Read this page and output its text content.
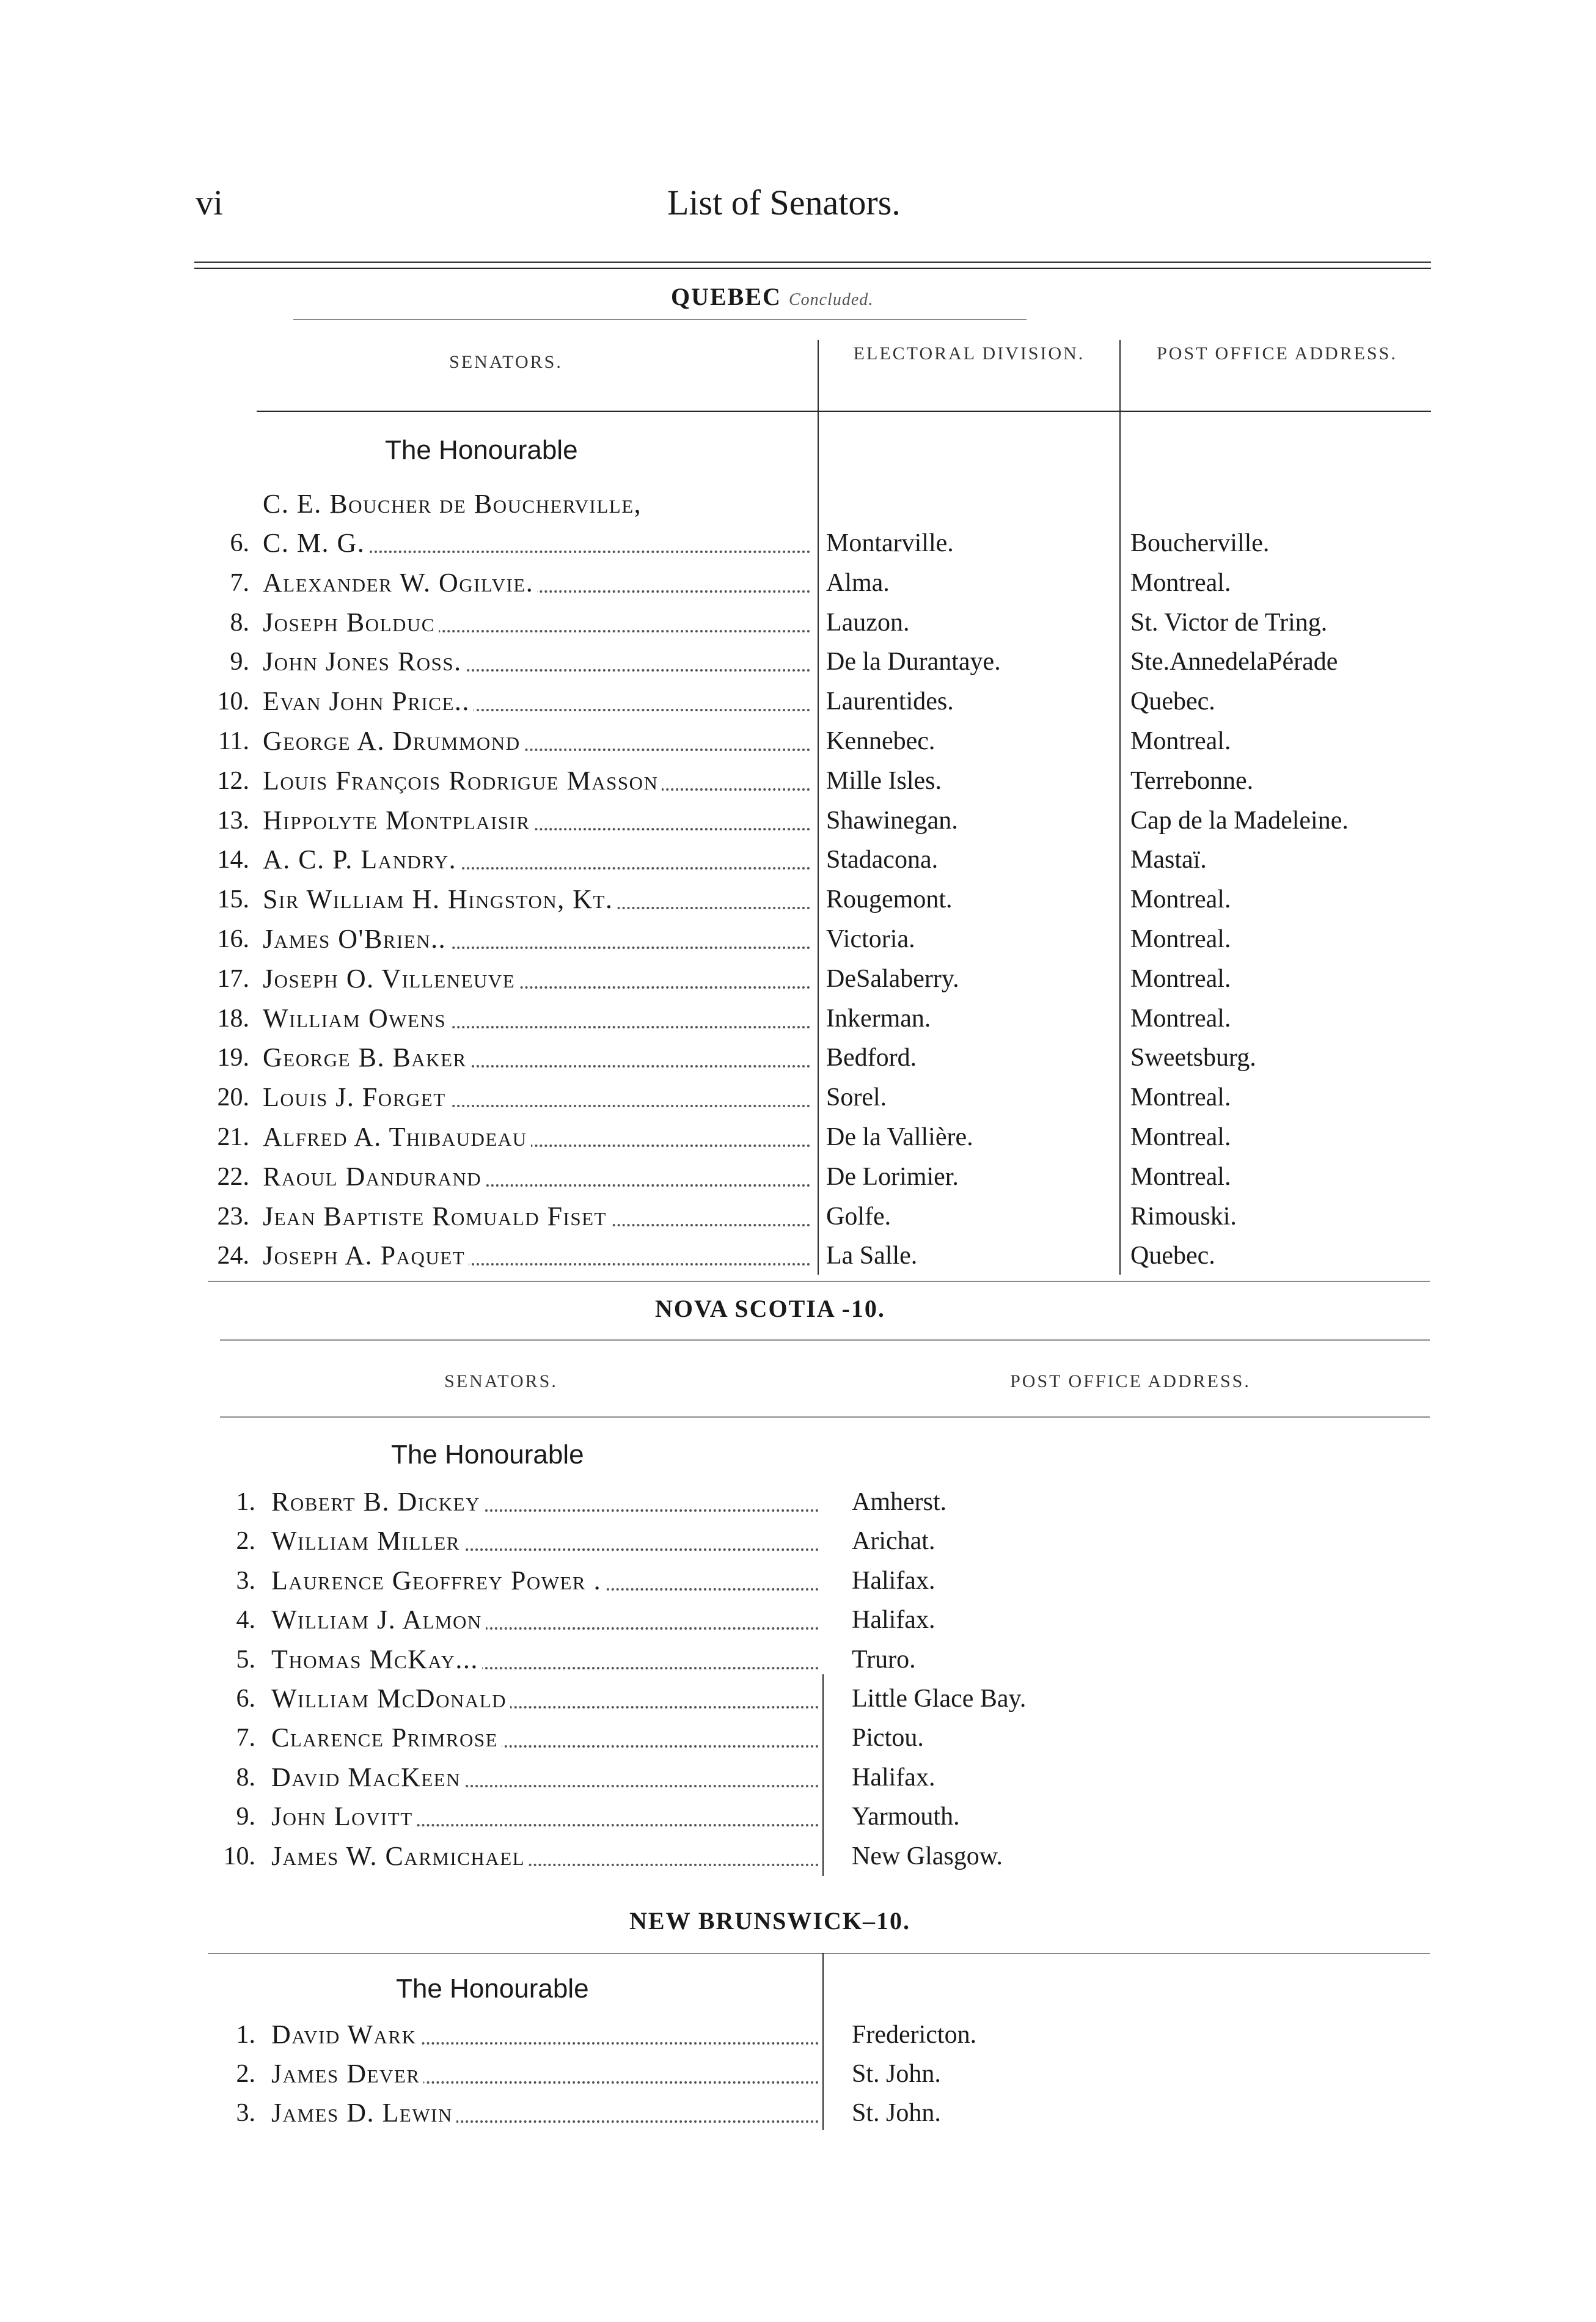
vi	List of Senators.
QUEBEC Concluded.
SENATORS.	ELECTORAL DIVISION.	POST OFFICE ADDRESS.
The Honourable
C. E. Boucher de Boucherville,
6. C. M. G.	Montarville.	Boucherville.
7. Alexander W. Ogilvie.	Alma.	Montreal.
8. Joseph Bolduc	Lauzon.	St. Victor de Tring.
9. John Jones Ross.	De la Durantaye.	Ste.AnnedelaPérade
10. Evan John Price..	Laurentides.	Quebec.
11. George A. Drummond	Kennebec.	Montreal.
12. Louis François Rodrigue Masson	Mille Isles.	Terrebonne.
13. Hippolyte Montplaisir	Shawinegan.	Cap de la Madeleine.
14. A. C. P. Landry.	Stadacona.	Mastaï.
15. Sir William H. Hingston, Kt.	Rougemont.	Montreal.
16. James O'Brien..	Victoria.	Montreal.
17. Joseph O. Villeneuve	DeSalaberry.	Montreal.
18. William Owens	Inkerman.	Montreal.
19. George B. Baker	Bedford.	Sweetsburg.
20. Louis J. Forget	Sorel.	Montreal.
21. Alfred A. Thibaudeau	De la Vallière.	Montreal.
22. Raoul Dandurand	De Lorimier.	Montreal.
23. Jean Baptiste Romuald Fiset	Golfe.	Rimouski.
24. Joseph A. Paquet	La Salle.	Quebec.
NOVA SCOTIA -10.
SENATORS.	POST OFFICE ADDRESS.
The Honourable
1. Robert B. Dickey	Amherst.
2. William Miller	Arichat.
3. Laurence Geoffrey Power .	Halifax.
4. William J. Almon	Halifax.
5. Thomas McKay...	Truro.
6. William McDonald	Little Glace Bay.
7. Clarence Primrose	Pictou.
8. David MacKeen	Halifax.
9. John Lovitt	Yarmouth.
10. James W. Carmichael	New Glasgow.
NEW BRUNSWICK–10.
The Honourable
1. David Wark	Fredericton.
2. James Dever	St. John.
3. James D. Lewin	St. John.
